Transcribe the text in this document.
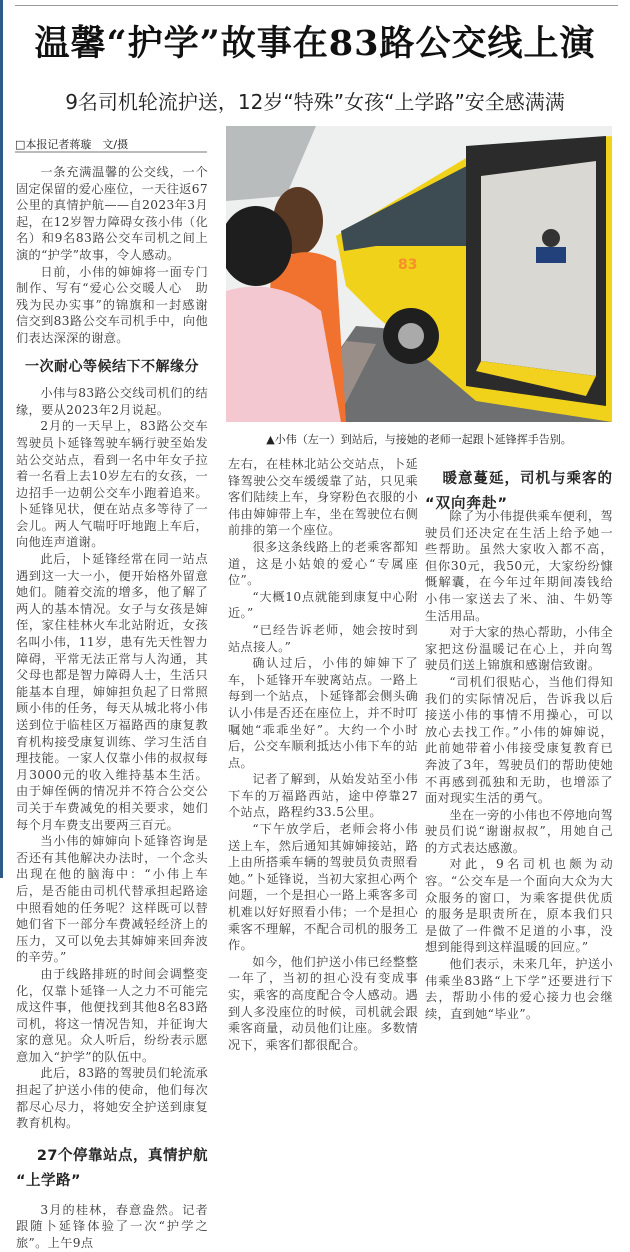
温馨“护学”故事在83路公交线上演
9名司机轮流护送，12岁“特殊”女孩“上学路”安全感满满
□本报记者蒋璇　文/摄

一条充满温馨的公交线，一个固定保留的爱心座位，一天往返67公里的真情护航——自2023年3月起，在12岁智力障碍女孩小伟（化名）和9名83路公交车司机之间上演的“护学”故事，令人感动。

日前，小伟的婶婶将一面专门制作、写有“爱心公交暖人心　助残为民办实事”的锦旗和一封感谢信交到83路公交车司机手中，向他们表达深深的谢意。

一次耐心等候结下不解缘分

小伟与83路公交线司机们的结缘，要从2023年2月说起。

2月的一天早上，83路公交车驾驶员卜延锋驾驶车辆行驶至始发站公交站点，看到一名中年女子拉着一名看上去10岁左右的女孩，一边招手一边朝公交车小跑着追来。卜延锋见状，便在站点多等待了一会儿。两人气喘吁吁地跑上车后，向他连声道谢。

此后，卜延锋经常在同一站点遇到这一大一小，便开始格外留意她们。随着交流的增多，他了解了两人的基本情况。女子与女孩是婶侄，家住桂林火车北站附近，女孩名叫小伟，11岁，患有先天性智力障碍，平常无法正常与人沟通，其父母也都是智力障碍人士，生活只能基本自理，婶婶担负起了日常照顾小伟的任务，每天从城北将小伟送到位于临桂区万福路西的康复教育机构接受康复训练、学习生活自理技能。一家人仅靠小伟的叔叔每月3000元的收入维持基本生活。由于婶侄俩的情况并不符合公交公司关于车费减免的相关要求，她们每个月车费支出要两三百元。

当小伟的婶婶向卜延锋咨询是否还有其他解决办法时，一个念头出现在他的脑海中：“小伟上车后，是否能由司机代替承担起路途中照看她的任务呢？这样既可以替她们省下一部分车费减轻经济上的压力，又可以免去其婶婶来回奔波的辛劳。”

由于线路排班的时间会调整变化，仅靠卜延锋一人之力不可能完成这件事，他便找到其他8名83路司机，将这一情况告知，并征询大家的意见。众人听后，纷纷表示愿意加入“护学”的队伍中。

此后，83路的驾驶员们轮流承担起了护送小伟的使命，他们每次都尽心尽力，将她安全护送到康复教育机构。

27个停靠站点，真情护航
“上学路”

3月的桂林，春意盎然。记者跟随卜延锋体验了一次“护学之旅”。上午9点

83
▲小伟（左一）到站后，与接她的老师一起跟卜延锋挥手告别。

左右，在桂林北站公交站点，卜延锋驾驶公交车缓缓靠了站，只见乘客们陆续上车，身穿粉色衣服的小伟由婶婶带上车，坐在驾驶位右侧前排的第一个座位。

很多这条线路上的老乘客都知道，这是小姑娘的爱心“专属座位”。

“大概10点就能到康复中心附近。”

“已经告诉老师，她会按时到站点接人。”

确认过后，小伟的婶婶下了车，卜延锋开车驶离站点。一路上每到一个站点，卜延锋都会侧头确认小伟是否还在座位上，并不时叮嘱她“乖乖坐好”。大约一个小时后，公交车顺利抵达小伟下车的站点。

记者了解到，从始发站至小伟下车的万福路西站，途中停靠27个站点，路程约33.5公里。

“下午放学后，老师会将小伟送上车，然后通知其婶婶接站，路上由所搭乘车辆的驾驶员负责照看她。”卜延锋说，当初大家担心两个问题，一个是担心一路上乘客多司机难以好好照看小伟；一个是担心乘客不理解，不配合司机的服务工作。

如今，他们护送小伟已经整整一年了，当初的担心没有变成事实，乘客的高度配合令人感动。遇到人多没座位的时候，司机就会跟乘客商量，动员他们让座。多数情况下，乘客们都很配合。

暖意蔓延，司机与乘客的
“双向奔赴”

除了为小伟提供乘车便利，驾驶员们还决定在生活上给予她一些帮助。虽然大家收入都不高，但你30元，我50元，大家纷纷慷慨解囊，在今年过年期间凑钱给小伟一家送去了米、油、牛奶等生活用品。

对于大家的热心帮助，小伟全家把这份温暖记在心上，并向驾驶员们送上锦旗和感谢信致谢。

“司机们很贴心，当他们得知我们的实际情况后，告诉我以后接送小伟的事情不用操心，可以放心去找工作。”小伟的婶婶说，此前她带着小伟接受康复教育已奔波了3年，驾驶员们的帮助使她不再感到孤独和无助，也增添了面对现实生活的勇气。

坐在一旁的小伟也不停地向驾驶员们说“谢谢叔叔”，用她自己的方式表达感激。

对此，9名司机也颇为动容。“公交车是一个面向大众为大众服务的窗口，为乘客提供优质的服务是职责所在，原本我们只是做了一件微不足道的小事，没想到能得到这样温暖的回应。”

他们表示，未来几年，护送小伟乘坐83路“上下学”还要进行下去，帮助小伟的爱心接力也会继续，直到她“毕业”。
